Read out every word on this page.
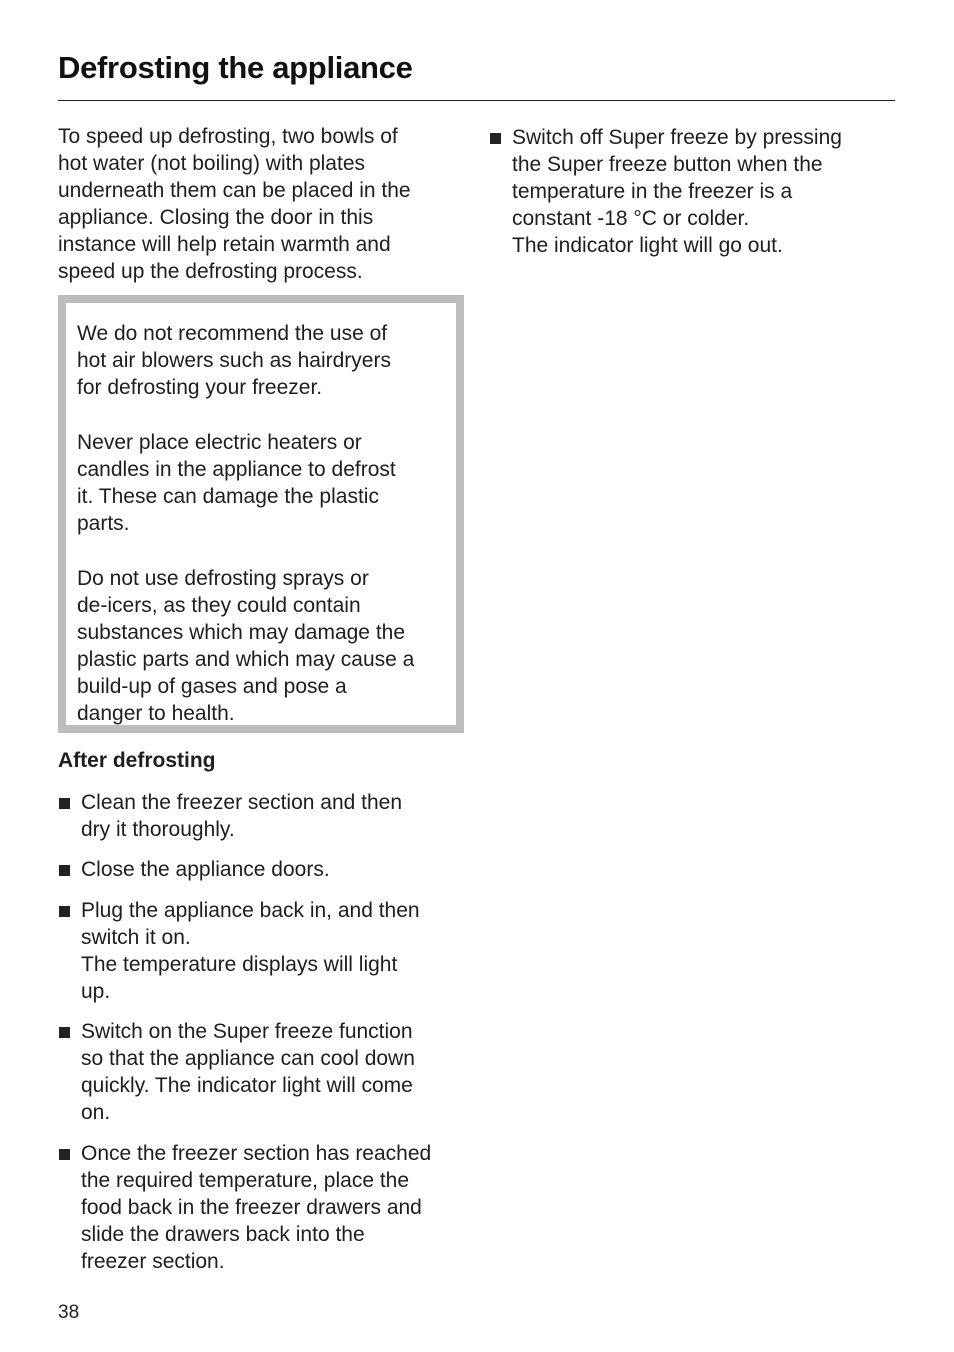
Defrosting the appliance

To speed up defrosting, two bowls of
hot water (not boiling) with plates
underneath them can be placed in the
appliance. Closing the door in this
instance will help retain warmth and
speed up the defrosting process.

We do not recommend the use of
hot air blowers such as hairdryers
for defrosting your freezer.

Never place electric heaters or
candles in the appliance to defrost
it. These can damage the plastic
parts.

Do not use defrosting sprays or
de-icers, as they could contain
substances which may damage the
plastic parts and which may cause a
build-up of gases and pose a
danger to health.

After defrosting

Clean the freezer section and then
dry it thoroughly.

Close the appliance doors.

Plug the appliance back in, and then
switch it on.
The temperature displays will light
up.

Switch on the Super freeze function
so that the appliance can cool down
quickly. The indicator light will come
on.

Once the freezer section has reached
the required temperature, place the
food back in the freezer drawers and
slide the drawers back into the
freezer section.

Switch off Super freeze by pressing
the Super freeze button when the
temperature in the freezer is a
constant -18 °C or colder.
The indicator light will go out.

38
